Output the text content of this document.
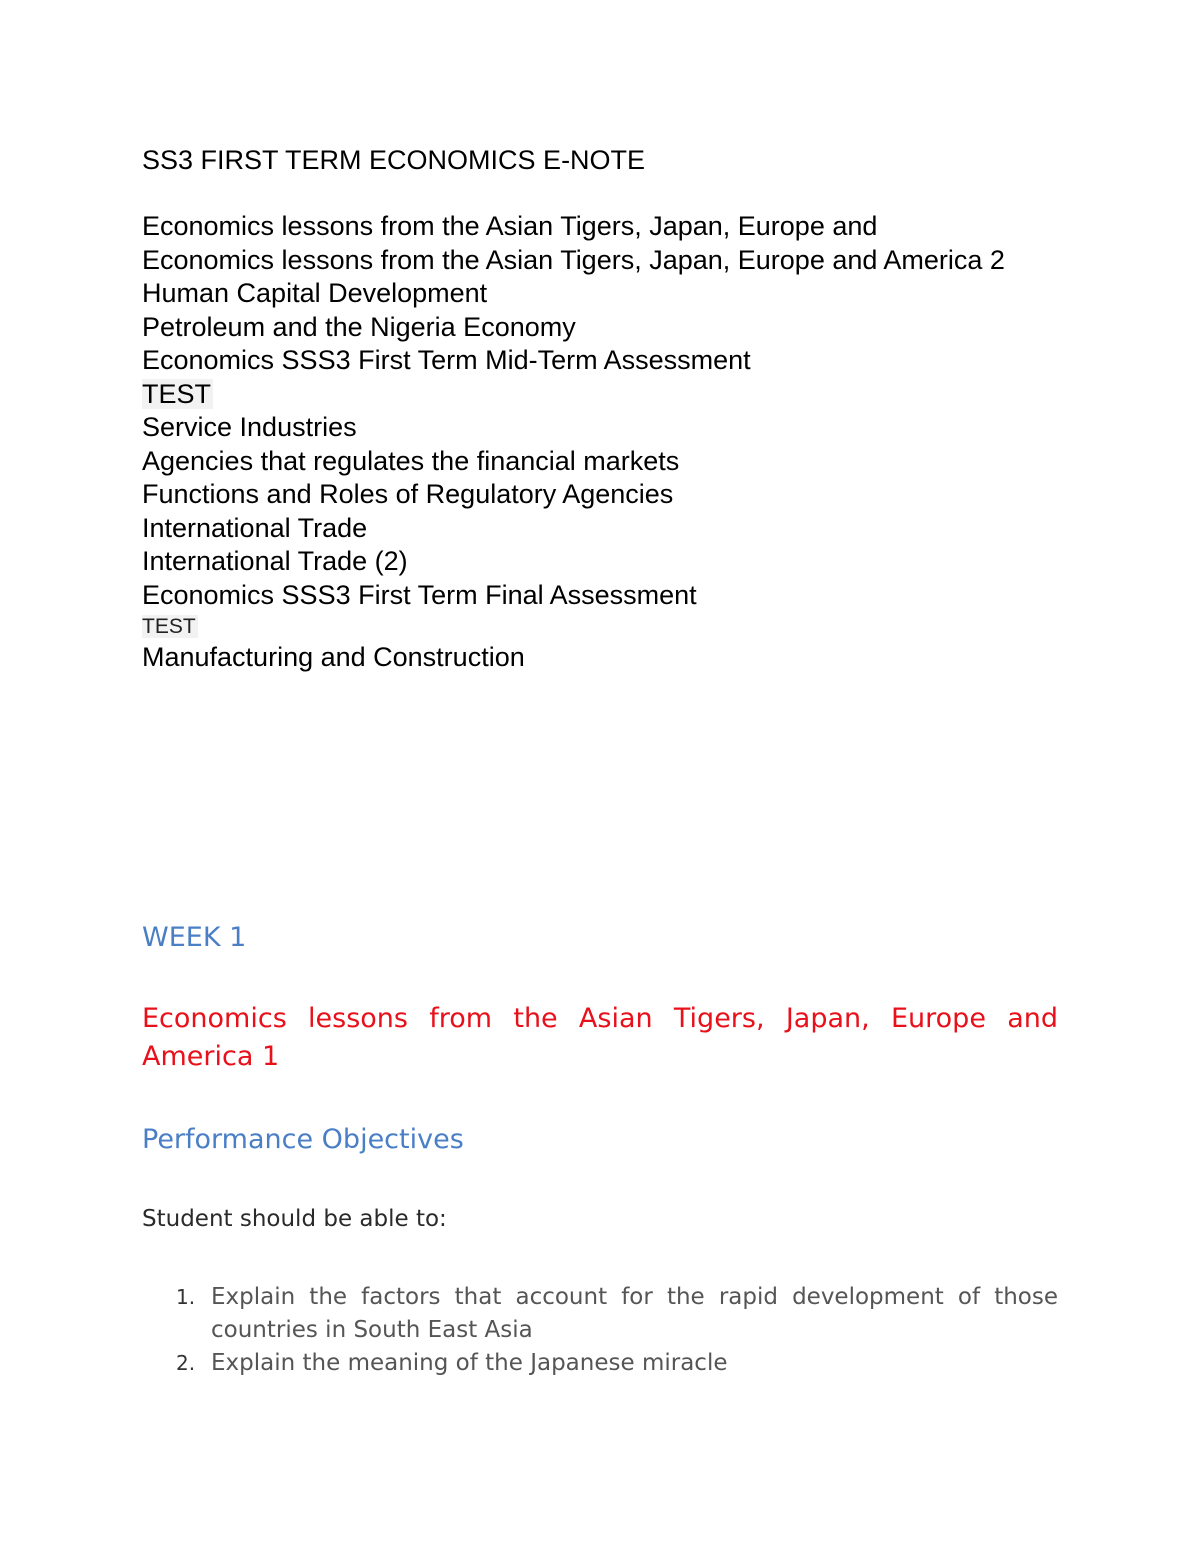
SS3 FIRST TERM ECONOMICS E-NOTE
Economics lessons from the Asian Tigers, Japan, Europe and
Economics lessons from the Asian Tigers, Japan, Europe and America 2
Human Capital Development
Petroleum and the Nigeria Economy
Economics SSS3 First Term Mid-Term Assessment
TEST
Service Industries
Agencies that regulates the financial markets
Functions and Roles of Regulatory Agencies
International Trade
International Trade (2)
Economics SSS3 First Term Final Assessment
TEST
Manufacturing and Construction
WEEK 1
Economics lessons from the Asian Tigers, Japan, Europe and America 1
Performance Objectives

Student should be able to:

1. Explain the factors that account for the rapid development of those countries in South East Asia
2. Explain the meaning of the Japanese miracle
